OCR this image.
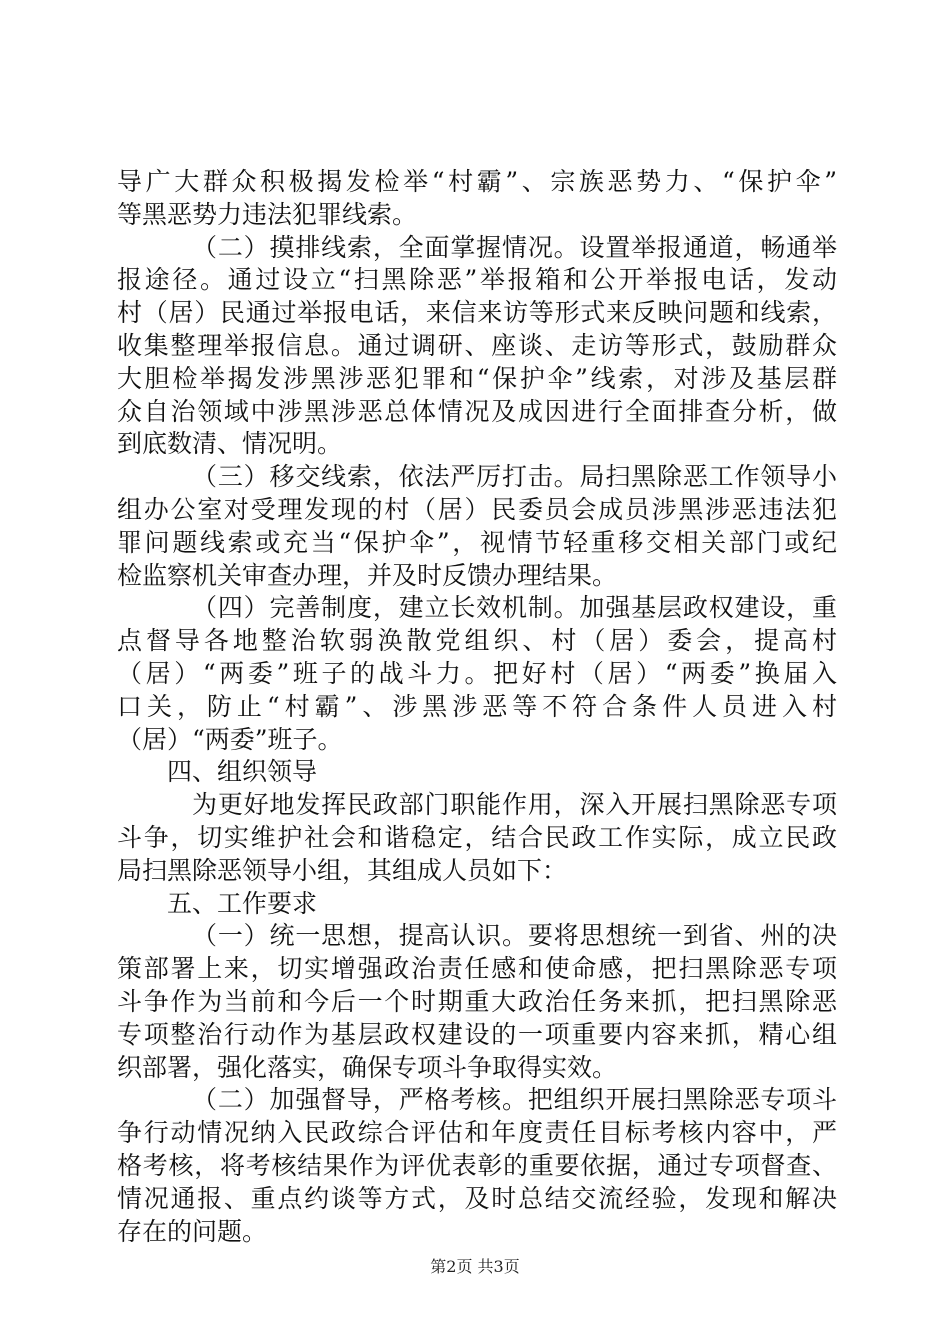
导广大群众积极揭发检举“村霸”、宗族恶势力、“保护伞”
等黑恶势力违法犯罪线索。
（二）摸排线索，全面掌握情况。设置举报通道，畅通举
报途径。通过设立“扫黑除恶”举报箱和公开举报电话，发动
村（居）民通过举报电话，来信来访等形式来反映问题和线索，
收集整理举报信息。通过调研、座谈、走访等形式，鼓励群众
大胆检举揭发涉黑涉恶犯罪和“保护伞”线索，对涉及基层群
众自治领域中涉黑涉恶总体情况及成因进行全面排查分析，做
到底数清、情况明。
（三）移交线索，依法严厉打击。局扫黑除恶工作领导小
组办公室对受理发现的村（居）民委员会成员涉黑涉恶违法犯
罪问题线索或充当“保护伞”，视情节轻重移交相关部门或纪
检监察机关审查办理，并及时反馈办理结果。
（四）完善制度，建立长效机制。加强基层政权建设，重
点督导各地整治软弱涣散党组织、村（居）委会，提高村
（居）“两委”班子的战斗力。把好村（居）“两委”换届入
口关，防止“村霸”、涉黑涉恶等不符合条件人员进入村
（居）“两委”班子。
四、组织领导
为更好地发挥民政部门职能作用，深入开展扫黑除恶专项
斗争，切实维护社会和谐稳定，结合民政工作实际，成立民政
局扫黑除恶领导小组，其组成人员如下：
五、工作要求
（一）统一思想，提高认识。要将思想统一到省、州的决
策部署上来，切实增强政治责任感和使命感，把扫黑除恶专项
斗争作为当前和今后一个时期重大政治任务来抓，把扫黑除恶
专项整治行动作为基层政权建设的一项重要内容来抓，精心组
织部署，强化落实，确保专项斗争取得实效。
（二）加强督导，严格考核。把组织开展扫黑除恶专项斗
争行动情况纳入民政综合评估和年度责任目标考核内容中，严
格考核，将考核结果作为评优表彰的重要依据，通过专项督查、
情况通报、重点约谈等方式，及时总结交流经验，发现和解决
存在的问题。
第2页 共3页
